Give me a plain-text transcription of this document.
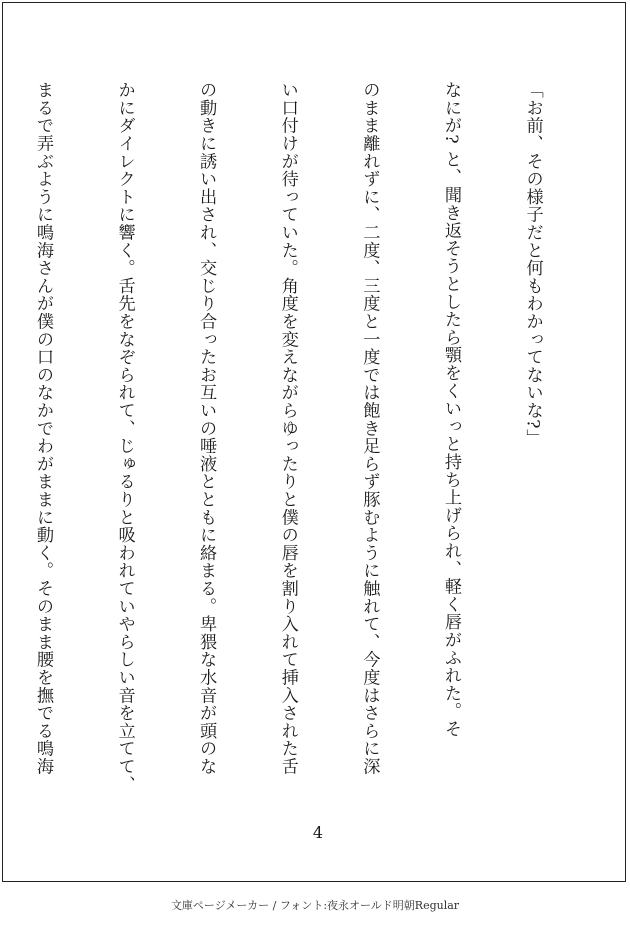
「お前、その様子だと何もわかってないな?」

なにが? と、聞き返そうとしたら顎をくいっと持ち上げられ、軽く唇がふれた。そ

のまま離れずに、二度、三度と一度では飽き足らず豚むように触れて、今度はさらに深

い口付けが待っていた。角度を変えながらゆったりと僕の唇を割り入れて挿入された舌

の動きに誘い出され、交じり合ったお互いの唾液とともに絡まる。卑猥な水音が頭のな

かにダイレクトに響く。舌先をなぞられて、じゅるりと吸われていやらしい音を立てて、

まるで弄ぶように鳴海さんが僕の口のなかでわがままに動く。そのまま腰を撫でる鳴海

4
文庫ページメーカー / フォント:夜永オールド明朝Regular
